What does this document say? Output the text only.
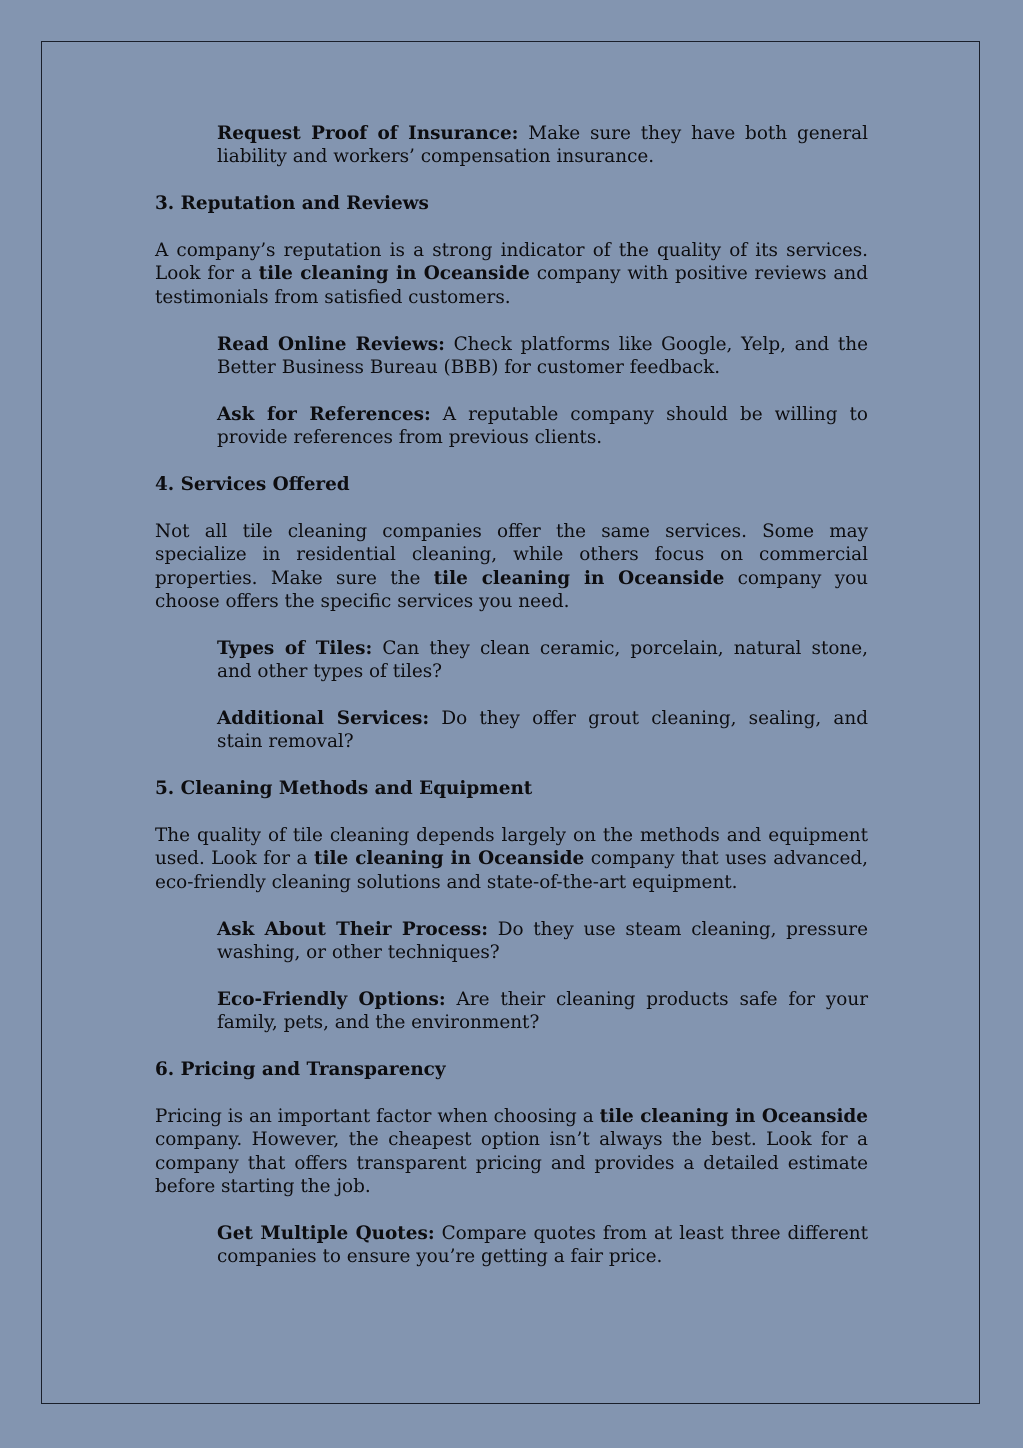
Request Proof of Insurance: Make sure they have both general liability and workers’ compensation insurance.

3. Reputation and Reviews

A company’s reputation is a strong indicator of the quality of its services. Look for a tile cleaning in Oceanside company with positive reviews and testimonials from satisfied customers.

Read Online Reviews: Check platforms like Google, Yelp, and the Better Business Bureau (BBB) for customer feedback.

Ask for References: A reputable company should be willing to provide references from previous clients.

4. Services Offered

Not all tile cleaning companies offer the same services. Some may specialize in residential cleaning, while others focus on commercial properties. Make sure the tile cleaning in Oceanside company you choose offers the specific services you need.

Types of Tiles: Can they clean ceramic, porcelain, natural stone, and other types of tiles?

Additional Services: Do they offer grout cleaning, sealing, and stain removal?

5. Cleaning Methods and Equipment

The quality of tile cleaning depends largely on the methods and equipment used. Look for a tile cleaning in Oceanside company that uses advanced, eco-friendly cleaning solutions and state-of-the-art equipment.

Ask About Their Process: Do they use steam cleaning, pressure washing, or other techniques?

Eco-Friendly Options: Are their cleaning products safe for your family, pets, and the environment?

6. Pricing and Transparency

Pricing is an important factor when choosing a tile cleaning in Oceanside company. However, the cheapest option isn’t always the best. Look for a company that offers transparent pricing and provides a detailed estimate before starting the job.

Get Multiple Quotes: Compare quotes from at least three different companies to ensure you’re getting a fair price.
